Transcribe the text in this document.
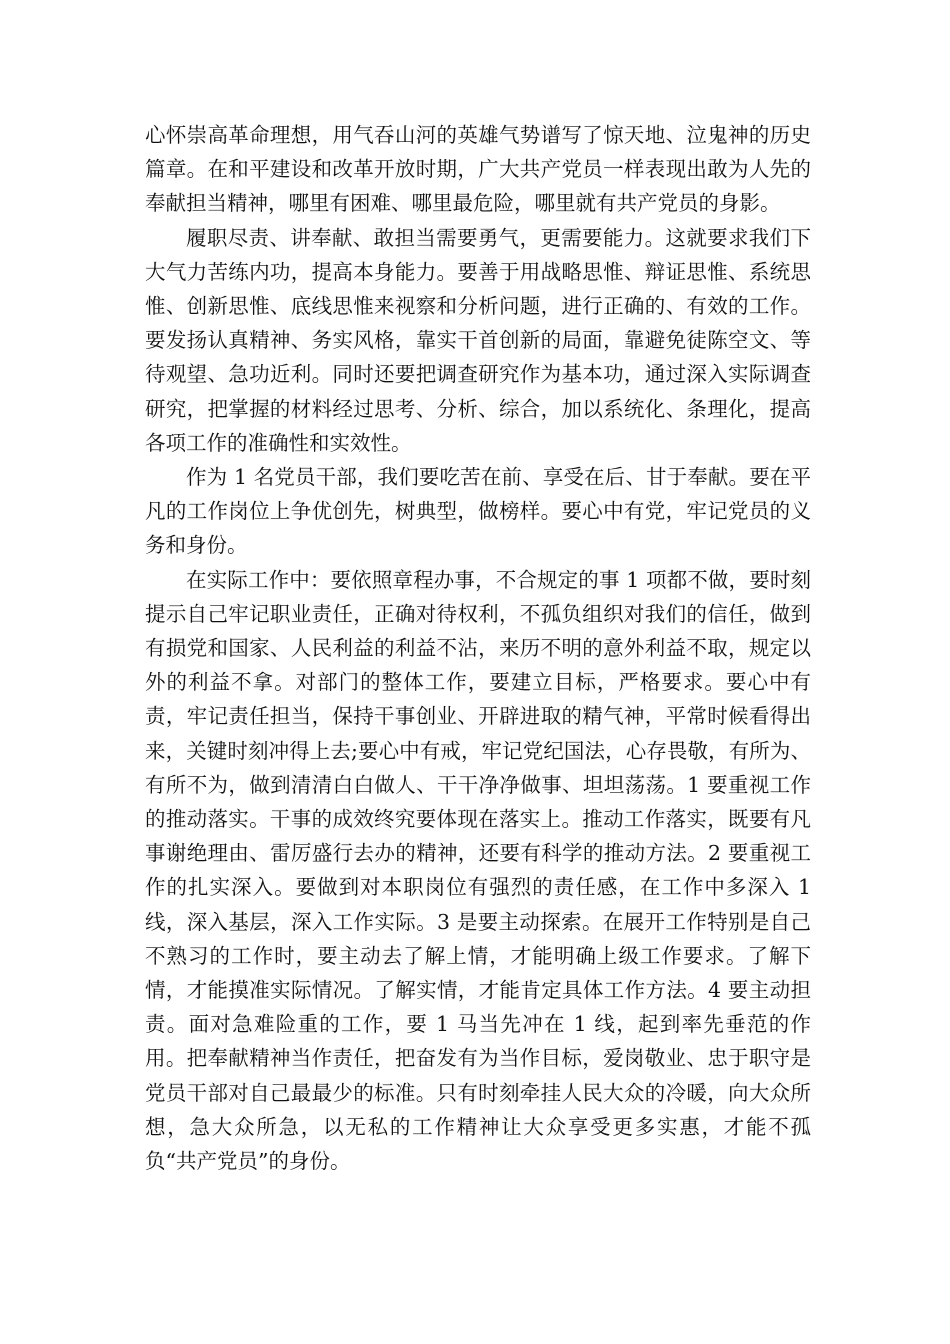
心怀崇高革命理想，用气吞山河的英雄气势谱写了惊天地、泣鬼神的历史篇章。在和平建设和改革开放时期，广大共产党员一样表现出敢为人先的奉献担当精神，哪里有困难、哪里最危险，哪里就有共产党员的身影。

履职尽责、讲奉献、敢担当需要勇气，更需要能力。这就要求我们下大气力苦练内功，提高本身能力。要善于用战略思惟、辩证思惟、系统思惟、创新思惟、底线思惟来视察和分析问题，进行正确的、有效的工作。要发扬认真精神、务实风格，靠实干首创新的局面，靠避免徒陈空文、等待观望、急功近利。同时还要把调查研究作为基本功，通过深入实际调查研究，把掌握的材料经过思考、分析、综合，加以系统化、条理化，提高各项工作的准确性和实效性。

作为 1 名党员干部，我们要吃苦在前、享受在后、甘于奉献。要在平凡的工作岗位上争优创先，树典型，做榜样。要心中有党，牢记党员的义务和身份。

在实际工作中：要依照章程办事，不合规定的事 1 项都不做，要时刻提示自己牢记职业责任，正确对待权利，不孤负组织对我们的信任，做到有损党和国家、人民利益的利益不沾，来历不明的意外利益不取，规定以外的利益不拿。对部门的整体工作，要建立目标，严格要求。要心中有责，牢记责任担当，保持干事创业、开辟进取的精气神，平常时候看得出来，关键时刻冲得上去;要心中有戒，牢记党纪国法，心存畏敬，有所为、有所不为，做到清清白白做人、干干净净做事、坦坦荡荡。1 要重视工作的推动落实。干事的成效终究要体现在落实上。推动工作落实，既要有凡事谢绝理由、雷厉盛行去办的精神，还要有科学的推动方法。2 要重视工作的扎实深入。要做到对本职岗位有强烈的责任感，在工作中多深入 1 线，深入基层，深入工作实际。3 是要主动探索。在展开工作特别是自己不熟习的工作时，要主动去了解上情，才能明确上级工作要求。了解下情，才能摸准实际情况。了解实情，才能肯定具体工作方法。4 要主动担责。面对急难险重的工作，要 1 马当先冲在 1 线，起到率先垂范的作用。把奉献精神当作责任，把奋发有为当作目标，爱岗敬业、忠于职守是党员干部对自己最最少的标准。只有时刻牵挂人民大众的冷暖，向大众所想，急大众所急，以无私的工作精神让大众享受更多实惠，才能不孤负“共产党员”的身份。
